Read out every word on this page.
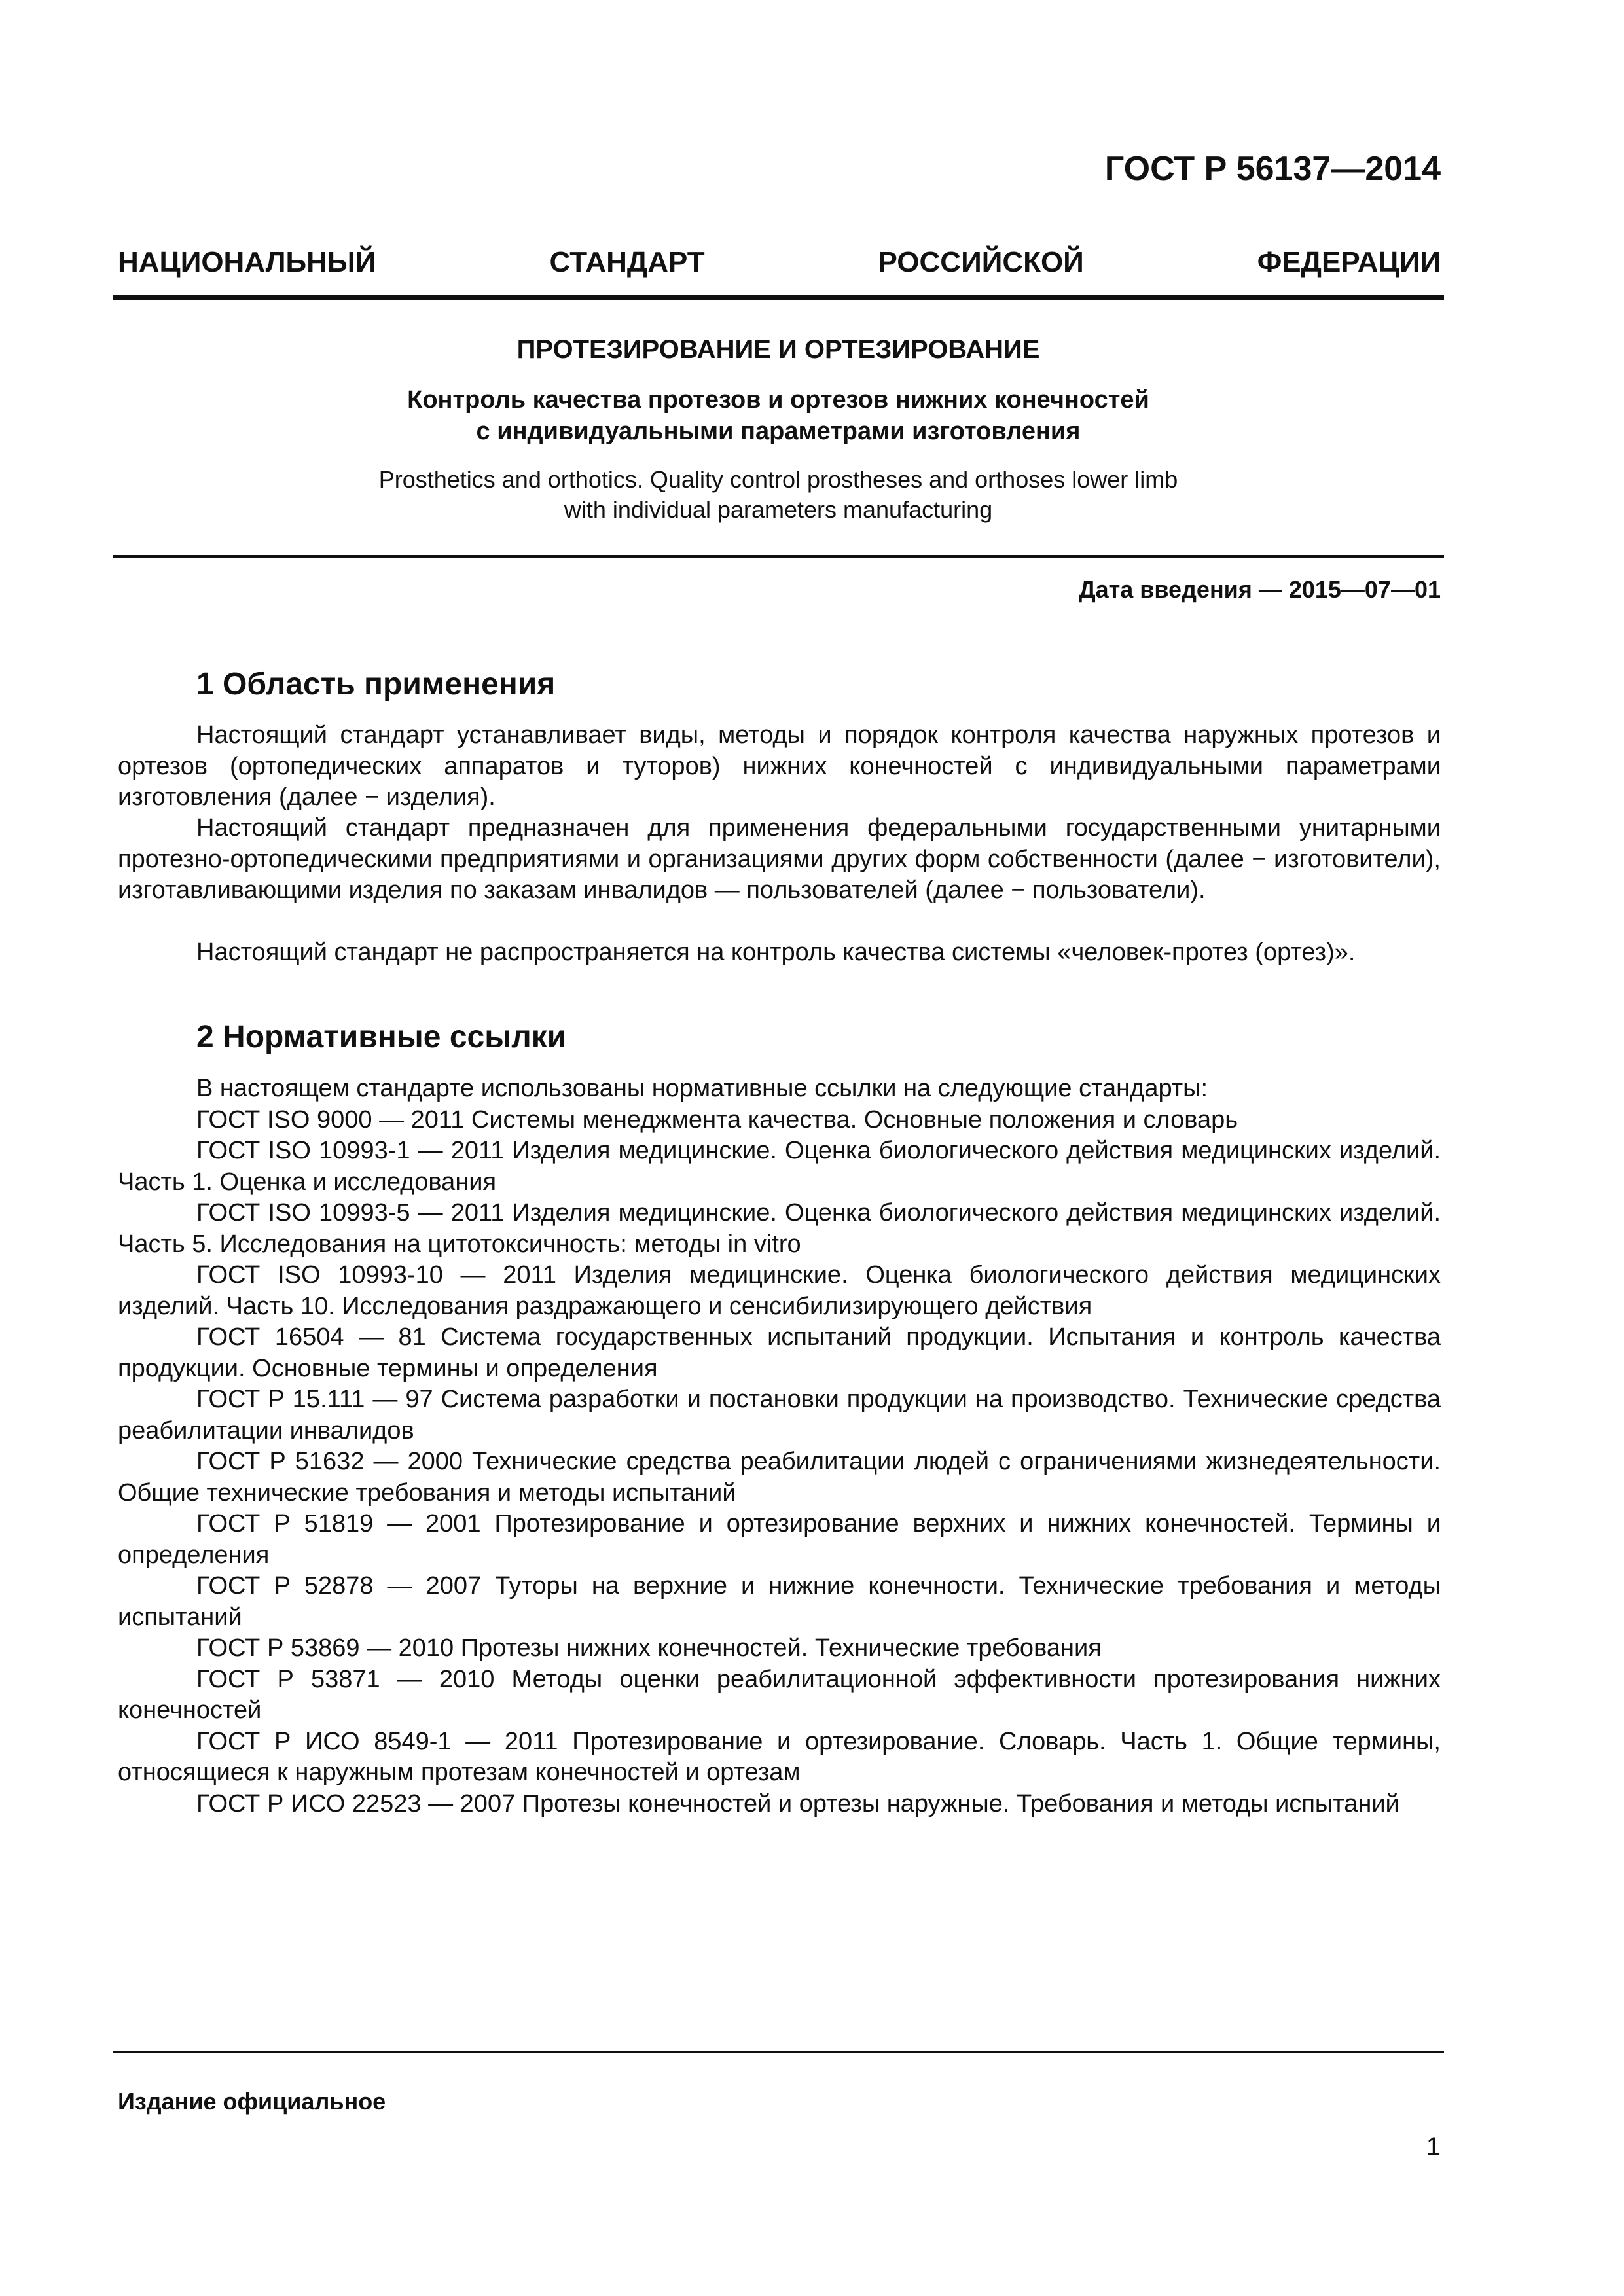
ГОСТ Р 56137—2014
НАЦИОНАЛЬНЫЙ	СТАНДАРТ	РОССИЙСКОЙ	ФЕДЕРАЦИИ
ПРОТЕЗИРОВАНИЕ И ОРТЕЗИРОВАНИЕ
Контроль качества протезов и ортезов нижних конечностей
с индивидуальными параметрами изготовления
Prosthetics and orthotics. Quality control prostheses and orthoses lower limb
with individual parameters manufacturing
Дата введения — 2015—07—01
1 Область применения

Настоящий стандарт устанавливает виды, методы и порядок контроля качества наружных протезов и ортезов (ортопедических аппаратов и туторов) нижних конечностей с индивидуальными параметрами изготовления (далее − изделия).

Настоящий стандарт предназначен для применения федеральными государственными унитарными протезно-ортопедическими предприятиями и организациями других форм собственности (далее − изготовители), изготавливающими изделия по заказам инвалидов — пользователей (далее − пользователи).

Настоящий стандарт не распространяется на контроль качества системы «человек-протез (ортез)».

2 Нормативные ссылки

В настоящем стандарте использованы нормативные ссылки на следующие стандарты:

ГОСТ ISO 9000 — 2011 Системы менеджмента качества. Основные положения и словарь

ГОСТ ISO 10993-1 — 2011 Изделия медицинские. Оценка биологического действия медицинских изделий. Часть 1. Оценка и исследования

ГОСТ ISO 10993-5 — 2011 Изделия медицинские. Оценка биологического действия медицинских изделий. Часть 5. Исследования на цитотоксичность: методы in vitro

ГОСТ ISO 10993-10 — 2011 Изделия медицинские. Оценка биологического действия медицинских изделий. Часть 10. Исследования раздражающего и сенсибилизирующего действия

ГОСТ 16504 — 81 Система государственных испытаний продукции. Испытания и контроль качества продукции. Основные термины и определения

ГОСТ Р 15.111 — 97 Система разработки и постановки продукции на производство. Технические средства реабилитации инвалидов

ГОСТ Р 51632 — 2000 Технические средства реабилитации людей с ограничениями жизнедеятельности. Общие технические требования и методы испытаний

ГОСТ Р 51819 — 2001 Протезирование и ортезирование верхних и нижних конечностей. Термины и определения

ГОСТ Р 52878 — 2007 Туторы на верхние и нижние конечности. Технические требования и методы испытаний

ГОСТ Р 53869 — 2010 Протезы нижних конечностей. Технические требования

ГОСТ Р 53871 — 2010 Методы оценки реабилитационной эффективности протезирования нижних конечностей

ГОСТ Р ИСО 8549-1 — 2011 Протезирование и ортезирование. Словарь. Часть 1. Общие термины, относящиеся к наружным протезам конечностей и ортезам

ГОСТ Р ИСО 22523 — 2007 Протезы конечностей и ортезы наружные. Требования и методы испытаний

Издание официальное
1
